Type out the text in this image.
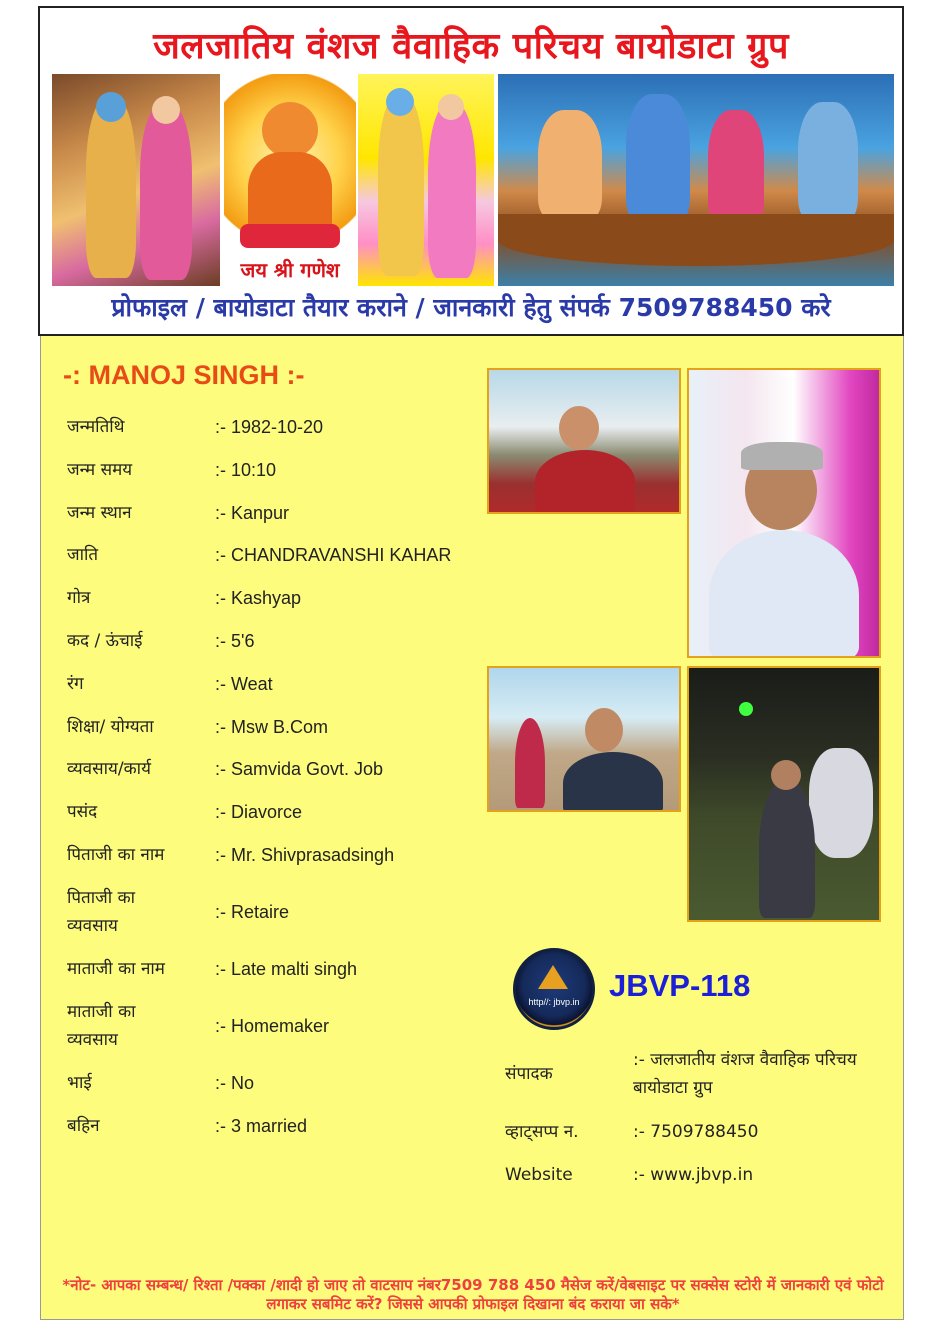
जलजातिय वंशज वैवाहिक परिचय बायोडाटा ग्रुप
जय श्री गणेश
प्रोफाइल / बायोडाटा तैयार कराने / जानकारी हेतु संपर्क 7509788450 करे
-: MANOJ SINGH :-
जन्मतिथि	:- 1982-10-20
जन्म समय	:- 10:10
जन्म स्थान	:- Kanpur
जाति	:- CHANDRAVANSHI KAHAR
गोत्र	:- Kashyap
कद / ऊंचाई	:- 5'6
रंग	:- Weat
शिक्षा/ योग्यता	:- Msw B.Com
व्यवसाय/कार्य	:- Samvida Govt. Job
पसंद	:- Diavorce
पिताजी का नाम	:- Mr. Shivprasadsingh
पिताजी का व्यवसाय
:- Retaire
माताजी का नाम	:- Late malti singh
माताजी का व्यवसाय
:- Homemaker
भाई	:- No
बहिन	:- 3 married
http//: jbvp.in JBVP-118
संपादक
:- जलजातीय वंशज वैवाहिक परिचय बायोडाटा ग्रुप
व्हाट्सप्प न.	:- 7509788450
Website	:- www.jbvp.in
*नोट- आपका सम्बन्ध/ रिश्ता /पक्का /शादी हो जाए तो वाटसाप नंबर7509 788 450 मैसेज करें/वेबसाइट पर सक्सेस स्टोरी में जानकारी एवं फोटो लगाकर सबमिट करें? जिससे आपकी प्रोफाइल दिखाना बंद कराया जा सके*
